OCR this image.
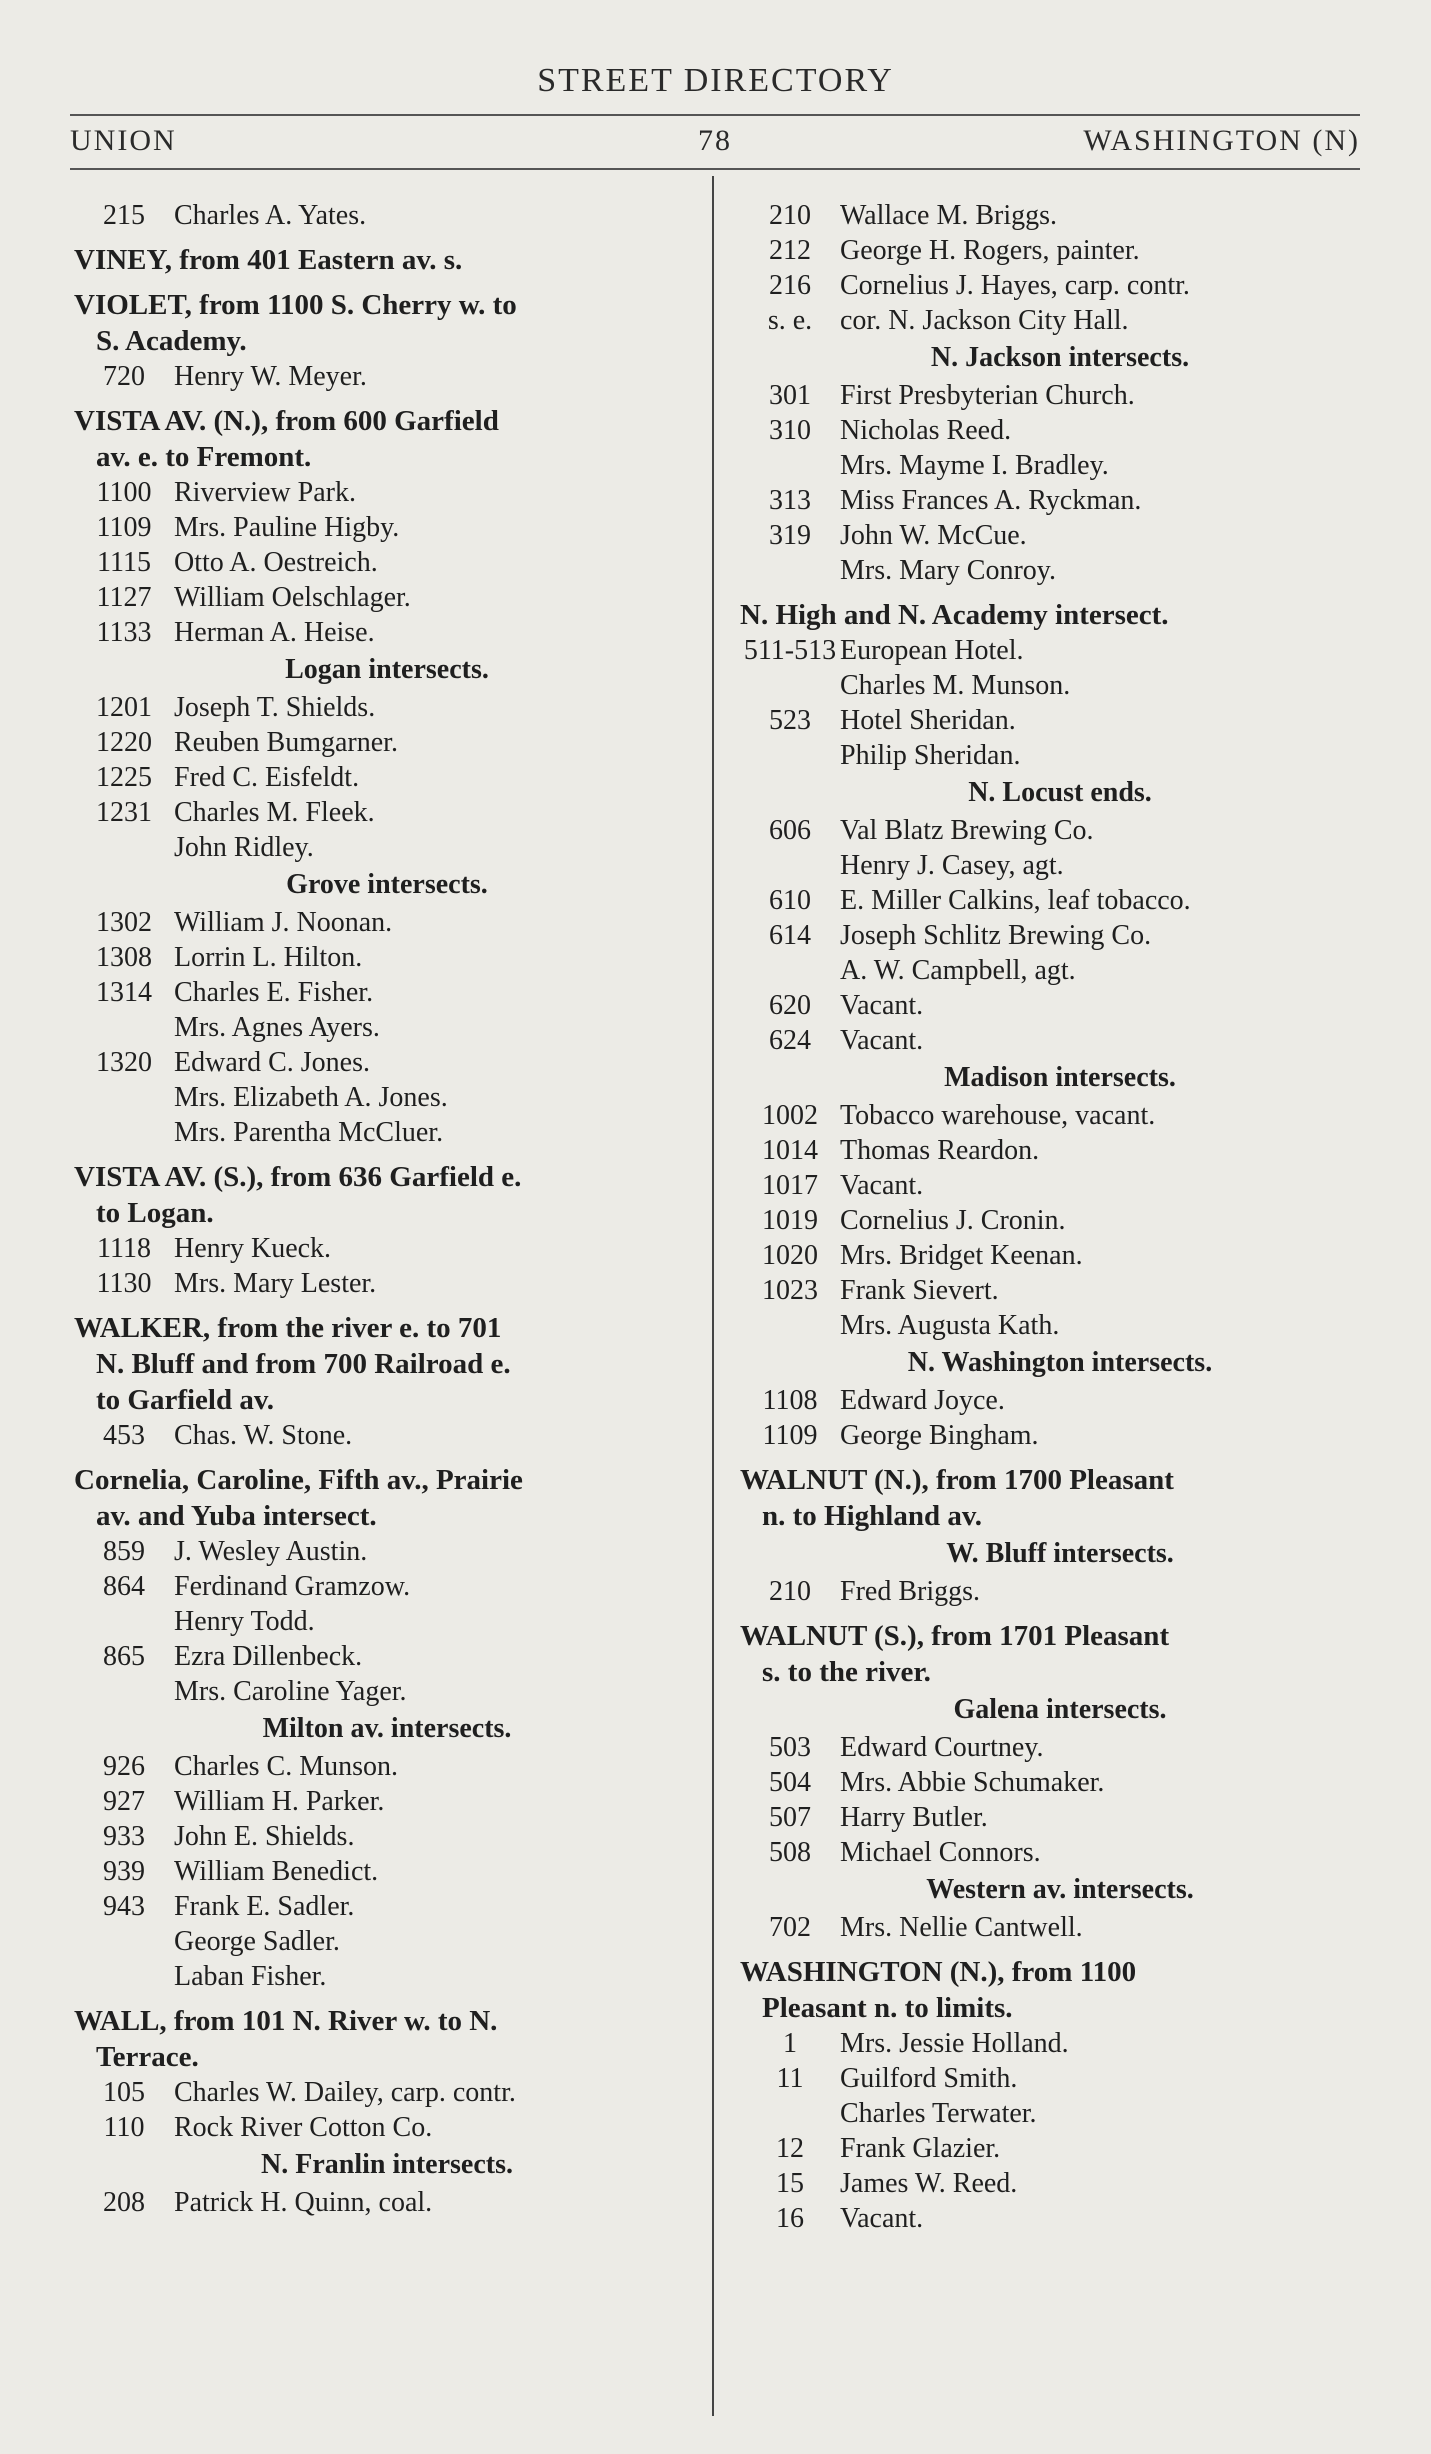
STREET DIRECTORY
UNION	78	WASHINGTON (N)
215 Charles A. Yates.
VINEY, from 401 Eastern av. s.
VIOLET, from 1100 S. Cherry w. to
S. Academy.
720 Henry W. Meyer.
VISTA AV. (N.), from 600 Garfield
av. e. to Fremont.
1100 Riverview Park.
1109 Mrs. Pauline Higby.
1115 Otto A. Oestreich.
1127 William Oelschlager.
1133 Herman A. Heise.
Logan intersects.
1201 Joseph T. Shields.
1220 Reuben Bumgarner.
1225 Fred C. Eisfeldt.
1231 Charles M. Fleek.
John Ridley.
Grove intersects.
1302 William J. Noonan.
1308 Lorrin L. Hilton.
1314 Charles E. Fisher.
Mrs. Agnes Ayers.
1320 Edward C. Jones.
Mrs. Elizabeth A. Jones.
Mrs. Parentha McCluer.
VISTA AV. (S.), from 636 Garfield e.
to Logan.
1118 Henry Kueck.
1130 Mrs. Mary Lester.
WALKER, from the river e. to 701
N. Bluff and from 700 Railroad e.
to Garfield av.
453 Chas. W. Stone.
Cornelia, Caroline, Fifth av., Prairie
av. and Yuba intersect.
859 J. Wesley Austin.
864 Ferdinand Gramzow.
Henry Todd.
865 Ezra Dillenbeck.
Mrs. Caroline Yager.
Milton av. intersects.
926 Charles C. Munson.
927 William H. Parker.
933 John E. Shields.
939 William Benedict.
943 Frank E. Sadler.
George Sadler.
Laban Fisher.
WALL, from 101 N. River w. to N.
Terrace.
105 Charles W. Dailey, carp. contr.
110 Rock River Cotton Co.
N. Franlin intersects.
208 Patrick H. Quinn, coal.
210 Wallace M. Briggs.
212 George H. Rogers, painter.
216 Cornelius J. Hayes, carp. contr.
s. e. cor. N. Jackson City Hall.
N. Jackson intersects.
301 First Presbyterian Church.
310 Nicholas Reed.
Mrs. Mayme I. Bradley.
313 Miss Frances A. Ryckman.
319 John W. McCue.
Mrs. Mary Conroy.
N. High and N. Academy intersect.
511-513 European Hotel.
Charles M. Munson.
523 Hotel Sheridan.
Philip Sheridan.
N. Locust ends.
606 Val Blatz Brewing Co.
Henry J. Casey, agt.
610 E. Miller Calkins, leaf tobacco.
614 Joseph Schlitz Brewing Co.
A. W. Campbell, agt.
620 Vacant.
624 Vacant.
Madison intersects.
1002 Tobacco warehouse, vacant.
1014 Thomas Reardon.
1017 Vacant.
1019 Cornelius J. Cronin.
1020 Mrs. Bridget Keenan.
1023 Frank Sievert.
Mrs. Augusta Kath.
N. Washington intersects.
1108 Edward Joyce.
1109 George Bingham.
WALNUT (N.), from 1700 Pleasant
n. to Highland av.
W. Bluff intersects.
210 Fred Briggs.
WALNUT (S.), from 1701 Pleasant
s. to the river.
Galena intersects.
503 Edward Courtney.
504 Mrs. Abbie Schumaker.
507 Harry Butler.
508 Michael Connors.
Western av. intersects.
702 Mrs. Nellie Cantwell.
WASHINGTON (N.), from 1100
Pleasant n. to limits.
1 Mrs. Jessie Holland.
11 Guilford Smith.
Charles Terwater.
12 Frank Glazier.
15 James W. Reed.
16 Vacant.
